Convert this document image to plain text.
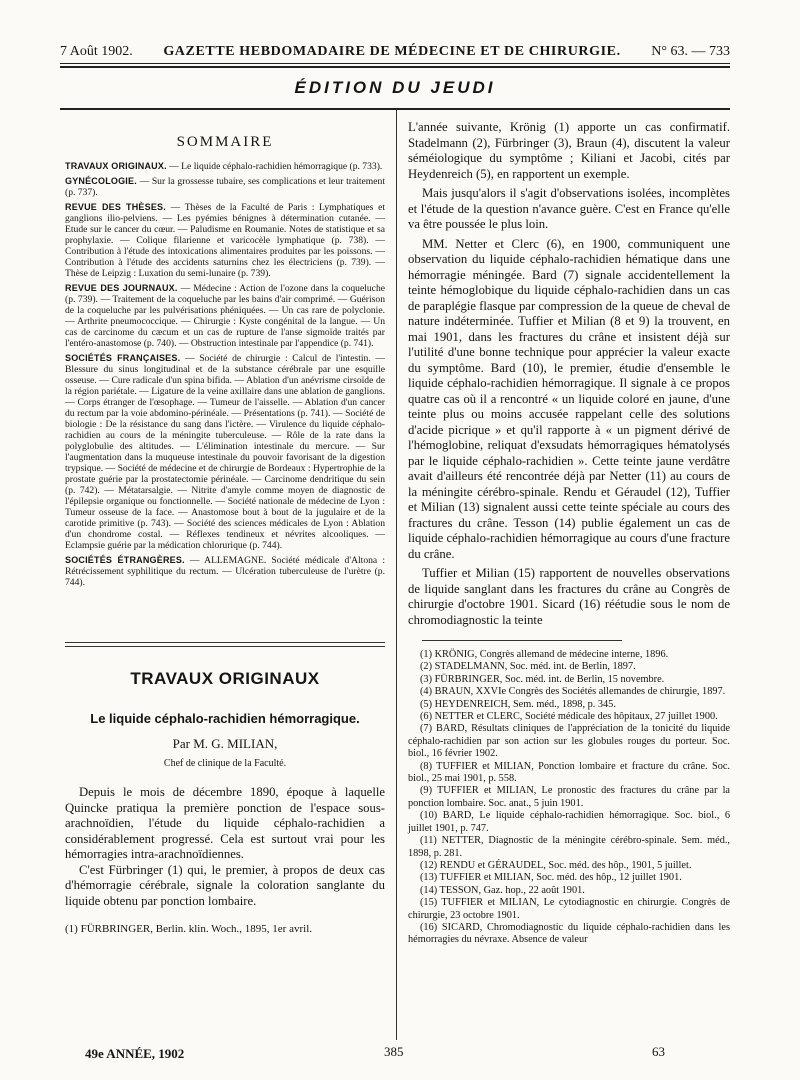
7 Août 1902. GAZETTE HEBDOMADAIRE DE MÉDECINE ET DE CHIRURGIE. N° 63. — 733
ÉDITION DU JEUDI
SOMMAIRE
TRAVAUX ORIGINAUX. — Le liquide céphalo-rachidien hémorragique (p. 733).
GYNÉCOLOGIE. — Sur la grossesse tubaire, ses complications et leur traitement (p. 737).
REVUE DES THÈSES. — Thèses de la Faculté de Paris : Lymphatiques et ganglions ilio-pelviens. — Les pyémies bénignes à détermination cutanée. — Etude sur le cancer du cœur. — Paludisme en Roumanie. Notes de statistique et sa prophylaxie. — Colique filarienne et varicocèle lymphatique (p. 738). — Contribution à l'étude des intoxications alimentaires produites par les poissons. — Contribution à l'étude des accidents saturnins chez les électriciens (p. 739). — Thèse de Leipzig : Luxation du semi-lunaire (p. 739).
REVUE DES JOURNAUX. — Médecine : Action de l'ozone dans la coqueluche (p. 739). — Traitement de la coqueluche par les bains d'air comprimé. — Guérison de la coqueluche par les pulvérisations phéniquées. — Un cas rare de polyclonie. — Arthrite pneumococcique. — Chirurgie : Kyste congénital de la langue. — Un cas de carcinome du cæcum et un cas de rupture de l'anse sigmoïde traités par l'entéro-anastomose (p. 740). — Obstruction intestinale par l'appendice (p. 741).
SOCIÉTÉS FRANÇAISES. — Société de chirurgie : Calcul de l'intestin. — Blessure du sinus longitudinal et de la substance cérébrale par une esquille osseuse. — Cure radicale d'un spina bifida. — Ablation d'un anévrisme cirsoïde de la région pariétale. — Ligature de la veine axillaire dans une ablation de ganglions. — Corps étranger de l'œsophage. — Tumeur de l'aisselle. — Ablation d'un cancer du rectum par la voie abdomino-périnéale. — Présentations (p. 741). — Société de biologie : De la résistance du sang dans l'ictère. — Virulence du liquide céphalo-rachidien au cours de la méningite tuberculeuse. — Rôle de la rate dans la polyglobulie des altitudes. — L'élimination intestinale du mercure. — Sur l'augmentation dans la muqueuse intestinale du pouvoir favorisant de la digestion trypsique. — Société de médecine et de chirurgie de Bordeaux : Hypertrophie de la prostate guérie par la prostatectomie périnéale. — Carcinome dendritique du sein (p. 742). — Métatarsalgie. — Nitrite d'amyle comme moyen de diagnostic de l'épilepsie organique ou fonctionnelle. — Société nationale de médecine de Lyon : Tumeur osseuse de la face. — Anastomose bout à bout de la jugulaire et de la carotide primitive (p. 743). — Société des sciences médicales de Lyon : Ablation d'un chondrome costal. — Réflexes tendineux et névrites alcooliques. — Eclampsie guérie par la médication chlorurique (p. 744).
SOCIÉTÉS ÉTRANGÈRES. — ALLEMAGNE. Société médicale d'Altona : Rétrécissement syphilitique du rectum. — Ulcération tuberculeuse de l'urètre (p. 744).
TRAVAUX ORIGINAUX
Le liquide céphalo-rachidien hémorragique.
Par M. G. MILIAN,
Chef de clinique de la Faculté.

Depuis le mois de décembre 1890, époque à laquelle Quincke pratiqua la première ponction de l'espace sous-arachnoïdien, l'étude du liquide céphalo-rachidien a considérablement progressé. Cela est surtout vrai pour les hémorragies intra-arachnoïdiennes.

C'est Fürbringer (1) qui, le premier, à propos de deux cas d'hémorragie cérébrale, signale la coloration sanglante du liquide obtenu par ponction lombaire.

(1) FÜRBRINGER, Berlin. klin. Woch., 1895, 1er avril.

L'année suivante, Krönig (1) apporte un cas confirmatif. Stadelmann (2), Fürbringer (3), Braun (4), discutent la valeur séméiologique du symptôme ; Kiliani et Jacobi, cités par Heydenreich (5), en rapportent un exemple.

Mais jusqu'alors il s'agit d'observations isolées, incomplètes et l'étude de la question n'avance guère. C'est en France qu'elle va être poussée le plus loin.

MM. Netter et Clerc (6), en 1900, communiquent une observation du liquide céphalo-rachidien hématique dans une hémorragie méningée. Bard (7) signale accidentellement la teinte hémoglobique du liquide céphalo-rachidien dans un cas de paraplégie flasque par compression de la queue de cheval de nature indéterminée. Tuffier et Milian (8 et 9) la trouvent, en mai 1901, dans les fractures du crâne et insistent déjà sur l'utilité d'une bonne technique pour apprécier la valeur exacte du symptôme. Bard (10), le premier, étudie d'ensemble le liquide céphalo-rachidien hémorragique. Il signale à ce propos quatre cas où il a rencontré « un liquide coloré en jaune, d'une teinte plus ou moins accusée rappelant celle des solutions d'acide picrique » et qu'il rapporte à « un pigment dérivé de l'hémoglobine, reliquat d'exsudats hémorragiques hématolysés par le liquide céphalo-rachidien ». Cette teinte jaune verdâtre avait d'ailleurs été rencontrée déjà par Netter (11) au cours de la méningite cérébro-spinale. Rendu et Géraudel (12), Tuffier et Milian (13) signalent aussi cette teinte spéciale au cours des fractures du crâne. Tesson (14) publie également un cas de liquide céphalo-rachidien hémorragique au cours d'une fracture du crâne.

Tuffier et Milian (15) rapportent de nouvelles observations de liquide sanglant dans les fractures du crâne au Congrès de chirurgie d'octobre 1901. Sicard (16) réétudie sous le nom de chromodiagnostic la teinte

(1) KRÖNIG, Congrès allemand de médecine interne, 1896.
(2) STADELMANN, Soc. méd. int. de Berlin, 1897.
(3) FÜRBRINGER, Soc. méd. int. de Berlin, 15 novembre.
(4) BRAUN, XXVIe Congrès des Sociétés allemandes de chirurgie, 1897.
(5) HEYDENREICH, Sem. méd., 1898, p. 345.
(6) NETTER et CLERC, Société médicale des hôpitaux, 27 juillet 1900.
(7) BARD, Résultats cliniques de l'appréciation de la tonicité du liquide céphalo-rachidien par son action sur les globules rouges du porteur. Soc. biol., 16 février 1902.
(8) TUFFIER et MILIAN, Ponction lombaire et fracture du crâne. Soc. biol., 25 mai 1901, p. 558.
(9) TUFFIER et MILIAN, Le pronostic des fractures du crâne par la ponction lombaire. Soc. anat., 5 juin 1901.
(10) BARD, Le liquide céphalo-rachidien hémorragique. Soc. biol., 6 juillet 1901, p. 747.
(11) NETTER, Diagnostic de la méningite cérébro-spinale. Sem. méd., 1898, p. 281.
(12) RENDU et GÉRAUDEL, Soc. méd. des hôp., 1901, 5 juillet.
(13) TUFFIER et MILIAN, Soc. méd. des hôp., 12 juillet 1901.
(14) TESSON, Gaz. hop., 22 août 1901.
(15) TUFFIER et MILIAN, Le cytodiagnostic en chirurgie. Congrès de chirurgie, 23 octobre 1901.
(16) SICARD, Chromodiagnostic du liquide céphalo-rachidien dans les hémorragies du névraxe. Absence de valeur
49e ANNÉE, 1902	385	63
